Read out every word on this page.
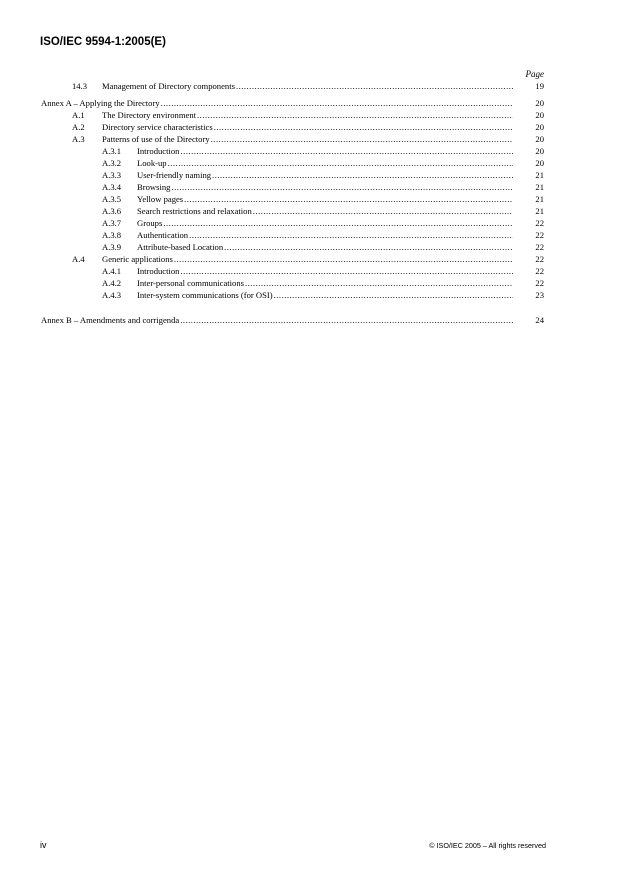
ISO/IEC 9594-1:2005(E)
Page
14.3	Management of Directory components .....	19
Annex A – Applying the Directory .....	20
A.1	The Directory environment .....	20
A.2	Directory service characteristics .....	20
A.3	Patterns of use of the Directory .....	20
A.3.1	Introduction .....	20
A.3.2	Look-up .....	20
A.3.3	User-friendly naming .....	21
A.3.4	Browsing .....	21
A.3.5	Yellow pages .....	21
A.3.6	Search restrictions and relaxation .....	21
A.3.7	Groups .....	22
A.3.8	Authentication .....	22
A.3.9	Attribute-based Location .....	22
A.4	Generic applications .....	22
A.4.1	Introduction .....	22
A.4.2	Inter-personal communications .....	22
A.4.3	Inter-system communications (for OSI) .....	23
Annex B – Amendments and corrigenda .....	24
iv	© ISO/IEC 2005 – All rights reserved
